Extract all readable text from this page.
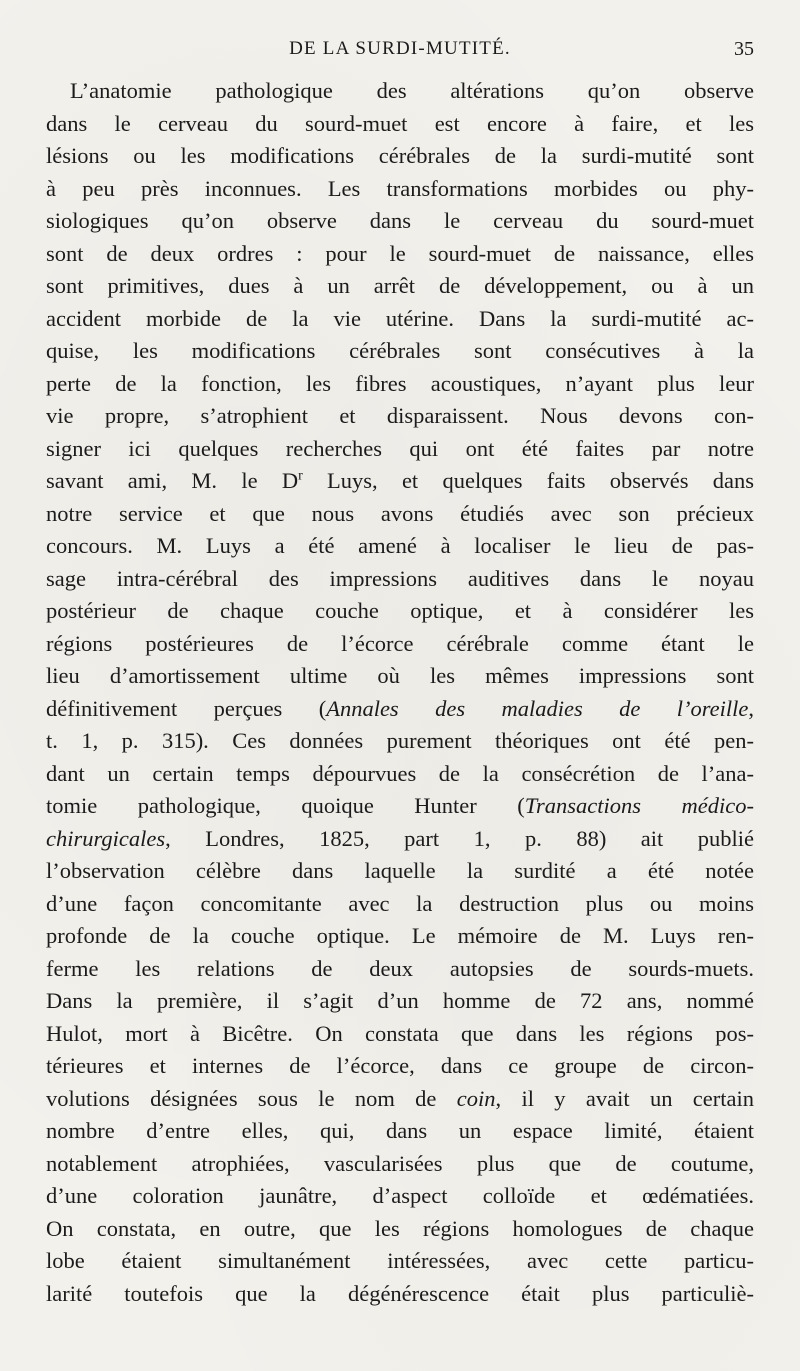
DE LA SURDI-MUTITÉ.	35
L’anatomie pathologique des altérations qu’on observe
dans le cerveau du sourd-muet est encore à faire, et les
lésions ou les modifications cérébrales de la surdi-mutité sont
à peu près inconnues. Les transformations morbides ou phy-
siologiques qu’on observe dans le cerveau du sourd-muet
sont de deux ordres : pour le sourd-muet de naissance, elles
sont primitives, dues à un arrêt de développement, ou à un
accident morbide de la vie utérine. Dans la surdi-mutité ac-
quise, les modifications cérébrales sont consécutives à la
perte de la fonction, les fibres acoustiques, n’ayant plus leur
vie propre, s’atrophient et disparaissent. Nous devons con-
signer ici quelques recherches qui ont été faites par notre
savant ami, M. le $D^r$ Luys, et quelques faits observés dans
notre service et que nous avons étudiés avec son précieux
concours. M. Luys a été amené à localiser le lieu de pas-
sage intra-cérébral des impressions auditives dans le noyau
postérieur de chaque couche optique, et à considérer les
régions postérieures de l’écorce cérébrale comme étant le
lieu d’amortissement ultime où les mêmes impressions sont
définitivement perçues (Annales des maladies de l’oreille,
t. 1, p. 315). Ces données purement théoriques ont été pen-
dant un certain temps dépourvues de la consécrétion de l’ana-
tomie pathologique, quoique Hunter (Transactions médico-
chirurgicales, Londres, 1825, part 1, p. 88) ait publié
l’observation célèbre dans laquelle la surdité a été notée
d’une façon concomitante avec la destruction plus ou moins
profonde de la couche optique. Le mémoire de M. Luys ren-
ferme les relations de deux autopsies de sourds-muets.
Dans la première, il s’agit d’un homme de 72 ans, nommé
Hulot, mort à Bicêtre. On constata que dans les régions pos-
térieures et internes de l’écorce, dans ce groupe de circon-
volutions désignées sous le nom de coin, il y avait un certain
nombre d’entre elles, qui, dans un espace limité, étaient
notablement atrophiées, vascularisées plus que de coutume,
d’une coloration jaunâtre, d’aspect colloïde et œdématiées.
On constata, en outre, que les régions homologues de chaque
lobe étaient simultanément intéressées, avec cette particu-
larité toutefois que la dégénérescence était plus particuliè-
